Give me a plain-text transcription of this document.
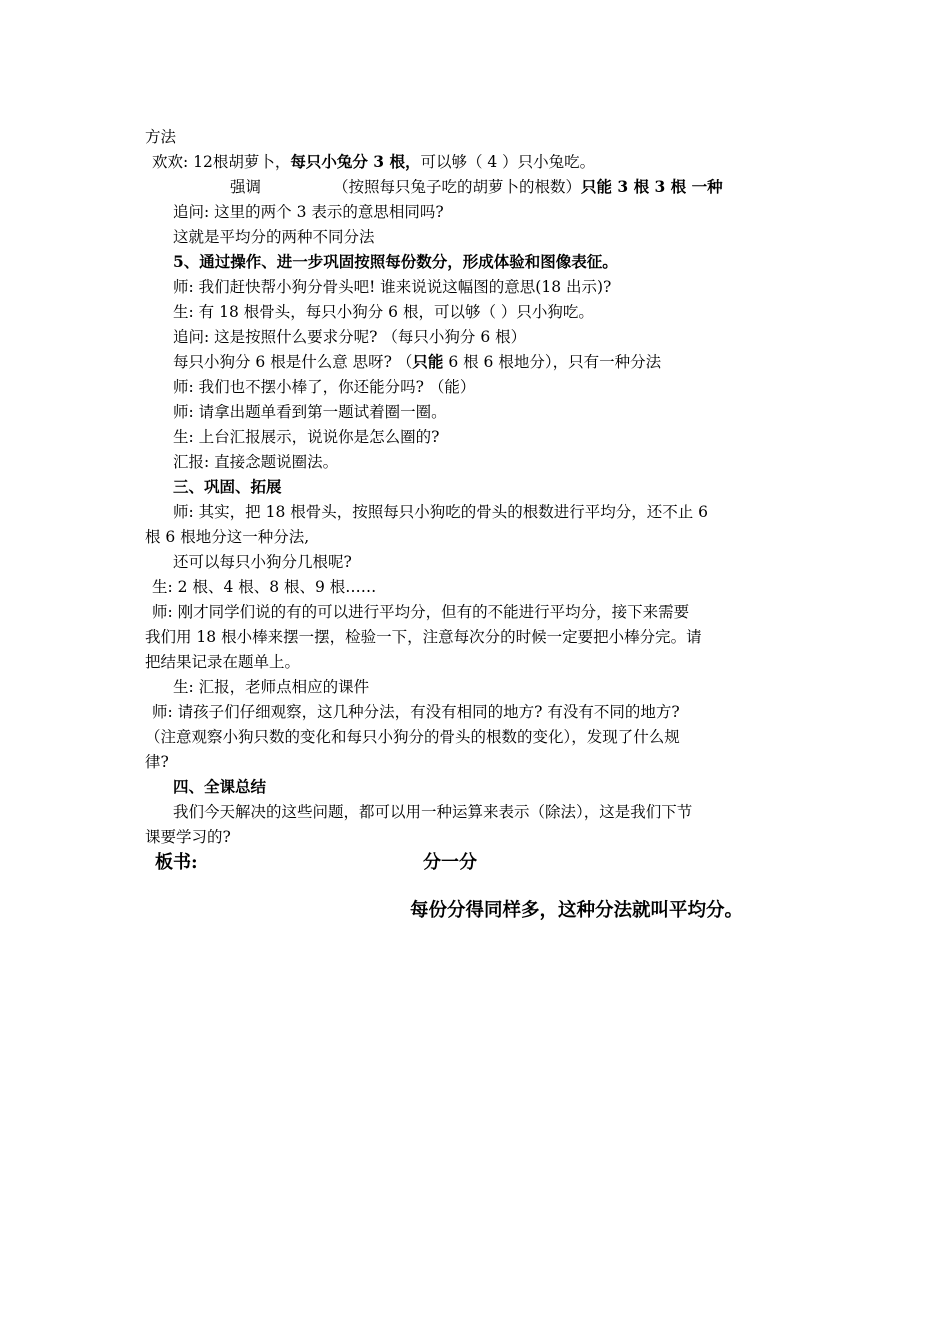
方法
欢欢: 12根胡萝卜，每只小兔分 3 根，可以够（ 4 ）只小兔吃。
强调	（按照每只兔子吃的胡萝卜的根数）只能 3 根 3 根 一种
追问: 这里的两个 3 表示的意思相同吗?
这就是平均分的两种不同分法
5、通过操作、进一步巩固按照每份数分，形成体验和图像表征。
师: 我们赶快帮小狗分骨头吧! 谁来说说这幅图的意思(18 出示)?
生: 有 18 根骨头，每只小狗分 6 根，可以够（ ）只小狗吃。
追问: 这是按照什么要求分呢? （每只小狗分 6 根）
每只小狗分 6 根是什么意 思呀? （只能 6 根 6 根地分），只有一种分法
师: 我们也不摆小棒了，你还能分吗? （能）
师: 请拿出题单看到第一题试着圈一圈。
生: 上台汇报展示，说说你是怎么圈的?
汇报: 直接念题说圈法。
三、巩固、拓展
师: 其实，把 18 根骨头，按照每只小狗吃的骨头的根数进行平均分，还不止 6
根 6 根地分这一种分法,
还可以每只小狗分几根呢?
生: 2 根、4 根、8 根、9 根……
师: 刚才同学们说的有的可以进行平均分，但有的不能进行平均分，接下来需要
我们用 18 根小棒来摆一摆，检验一下，注意每次分的时候一定要把小棒分完。请
把结果记录在题单上。
生: 汇报，老师点相应的课件
师: 请孩子们仔细观察，这几种分法，有没有相同的地方? 有没有不同的地方?
（注意观察小狗只数的变化和每只小狗分的骨头的根数的变化），发现了什么规
律?
四、全课总结
我们今天解决的这些问题，都可以用一种运算来表示（除法），这是我们下节
课要学习的?
板书:	分一分
每份分得同样多，这种分法就叫平均分。
